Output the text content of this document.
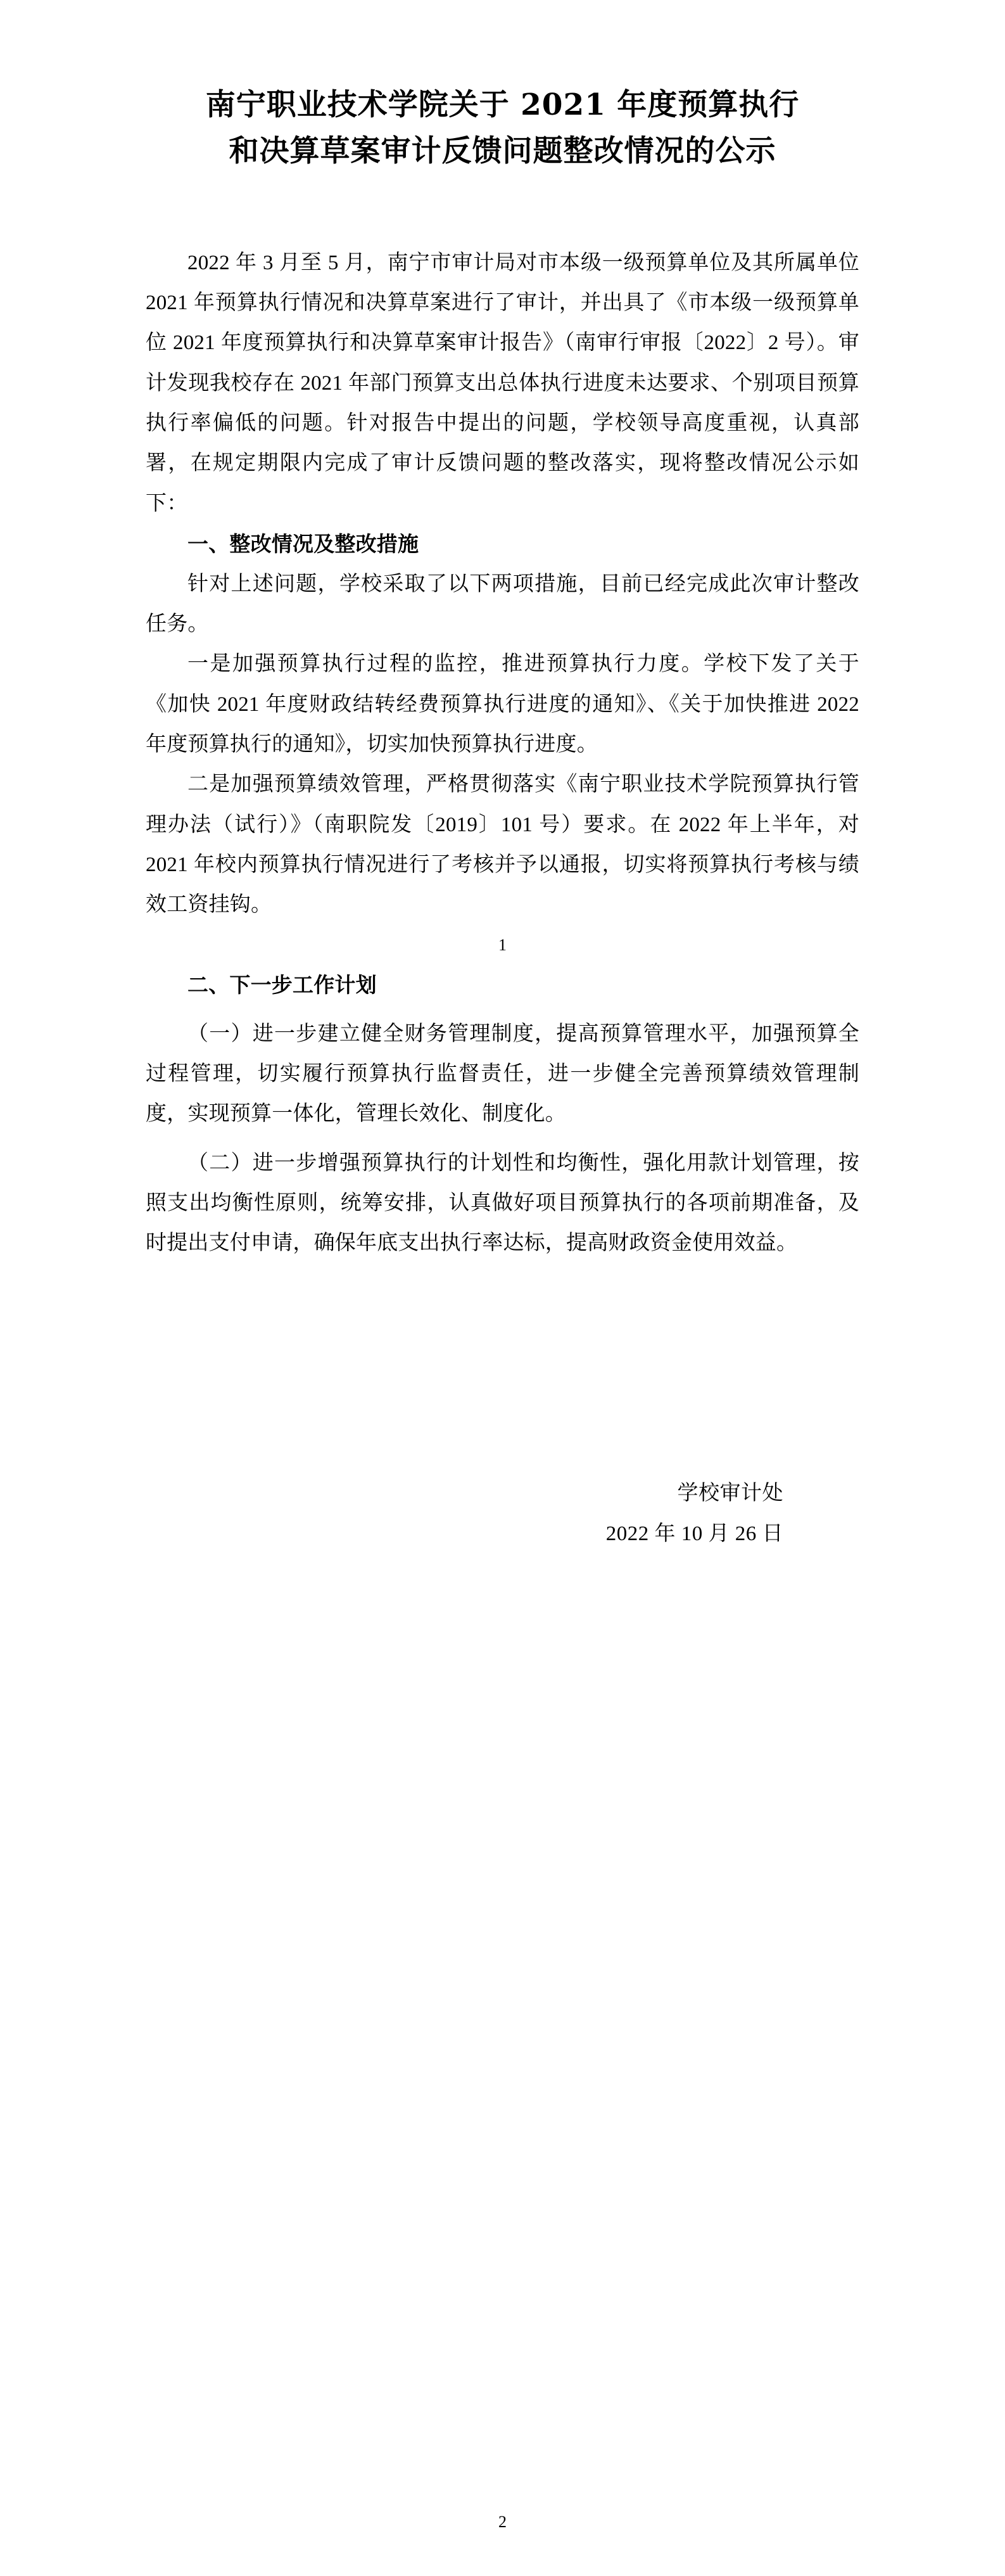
南宁职业技术学院关于 2021 年度预算执行
和决算草案审计反馈问题整改情况的公示

2022 年 3 月至 5 月，南宁市审计局对市本级一级预算单位及其所属单位 2021 年预算执行情况和决算草案进行了审计，并出具了《市本级一级预算单位 2021 年度预算执行和决算草案审计报告》（南审行审报〔2022〕2 号）。审计发现我校存在 2021 年部门预算支出总体执行进度未达要求、个别项目预算执行率偏低的问题。针对报告中提出的问题，学校领导高度重视，认真部署，在规定期限内完成了审计反馈问题的整改落实，现将整改情况公示如下：

一、整改情况及整改措施

针对上述问题，学校采取了以下两项措施，目前已经完成此次审计整改任务。

一是加强预算执行过程的监控，推进预算执行力度。学校下发了关于《加快 2021 年度财政结转经费预算执行进度的通知》、《关于加快推进 2022 年度预算执行的通知》，切实加快预算执行进度。

二是加强预算绩效管理，严格贯彻落实《南宁职业技术学院预算执行管理办法（试行）》（南职院发〔2019〕101 号）要求。在 2022 年上半年，对 2021 年校内预算执行情况进行了考核并予以通报，切实将预算执行考核与绩效工资挂钩。

1

二、下一步工作计划

（一）进一步建立健全财务管理制度，提高预算管理水平，加强预算全过程管理，切实履行预算执行监督责任，进一步健全完善预算绩效管理制度，实现预算一体化，管理长效化、制度化。

（二）进一步增强预算执行的计划性和均衡性，强化用款计划管理，按照支出均衡性原则，统筹安排，认真做好项目预算执行的各项前期准备，及时提出支付申请，确保年底支出执行率达标，提高财政资金使用效益。

学校审计处
2022 年 10 月 26 日
2
